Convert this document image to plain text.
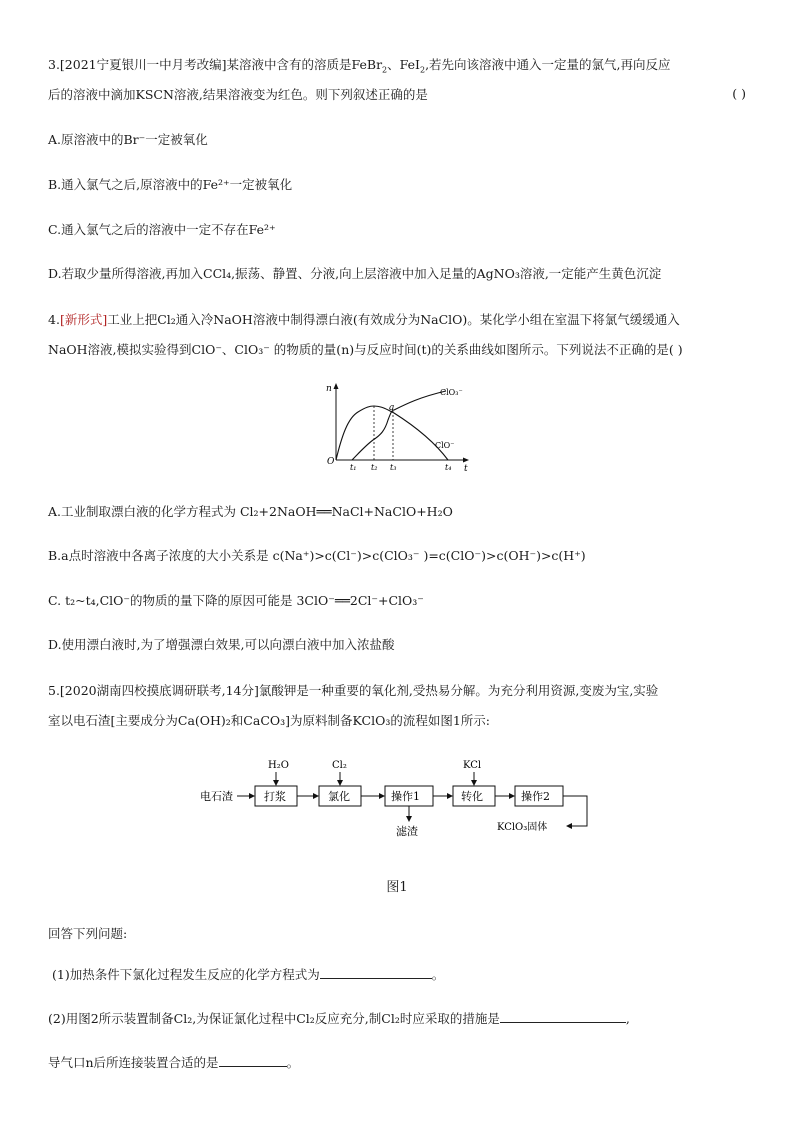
3.[2021宁夏银川一中月考改编]某溶液中含有的溶质是FeBr$_2$、FeI$_2$,若先向该溶液中通入一定量的氯气,再向反应
后的溶液中滴加KSCN溶液,结果溶液变为红色。则下列叙述正确的是	( )
A.原溶液中的Br⁻一定被氧化
B.通入氯气之后,原溶液中的Fe²⁺一定被氧化
C.通入氯气之后的溶液中一定不存在Fe²⁺
D.若取少量所得溶液,再加入CCl₄,振荡、静置、分液,向上层溶液中加入足量的AgNO₃溶液,一定能产生黄色沉淀
4.[新形式]工业上把Cl₂通入冷NaOH溶液中制得漂白液(有效成分为NaClO)。某化学小组在室温下将氯气缓缓通入
NaOH溶液,模拟实验得到ClO⁻、ClO₃⁻ 的物质的量(n)与反应时间(t)的关系曲线如图所示。下列说法不正确的是( )
n
t
O
a
ClO₃⁻
ClO⁻
t₁ t₂ t₃	t₄
A.工业制取漂白液的化学方程式为 Cl₂+2NaOH══NaCl+NaClO+H₂O
B.a点时溶液中各离子浓度的大小关系是 c(Na⁺)>c(Cl⁻)>c(ClO₃⁻ )=c(ClO⁻)>c(OH⁻)>c(H⁺)
C. t₂~t₄,ClO⁻的物质的量下降的原因可能是 3ClO⁻══2Cl⁻+ClO₃⁻
D.使用漂白液时,为了增强漂白效果,可以向漂白液中加入浓盐酸
5.[2020湖南四校摸底调研联考,14分]氯酸钾是一种重要的氧化剂,受热易分解。为充分利用资源,变废为宝,实验
室以电石渣[主要成分为Ca(OH)₂和CaCO₃]为原料制备KClO₃的流程如图1所示:
电石渣	打浆
H₂O
氯化
Cl₂
操作1
滤渣
转化
KCl
操作2
KClO₃固体
图1
回答下列问题:
(1)加热条件下氯化过程发生反应的化学方程式为	。
(2)用图2所示装置制备Cl₂,为保证氯化过程中Cl₂反应充分,制Cl₂时应采取的措施是	,
导气口n后所连接装置合适的是	。
